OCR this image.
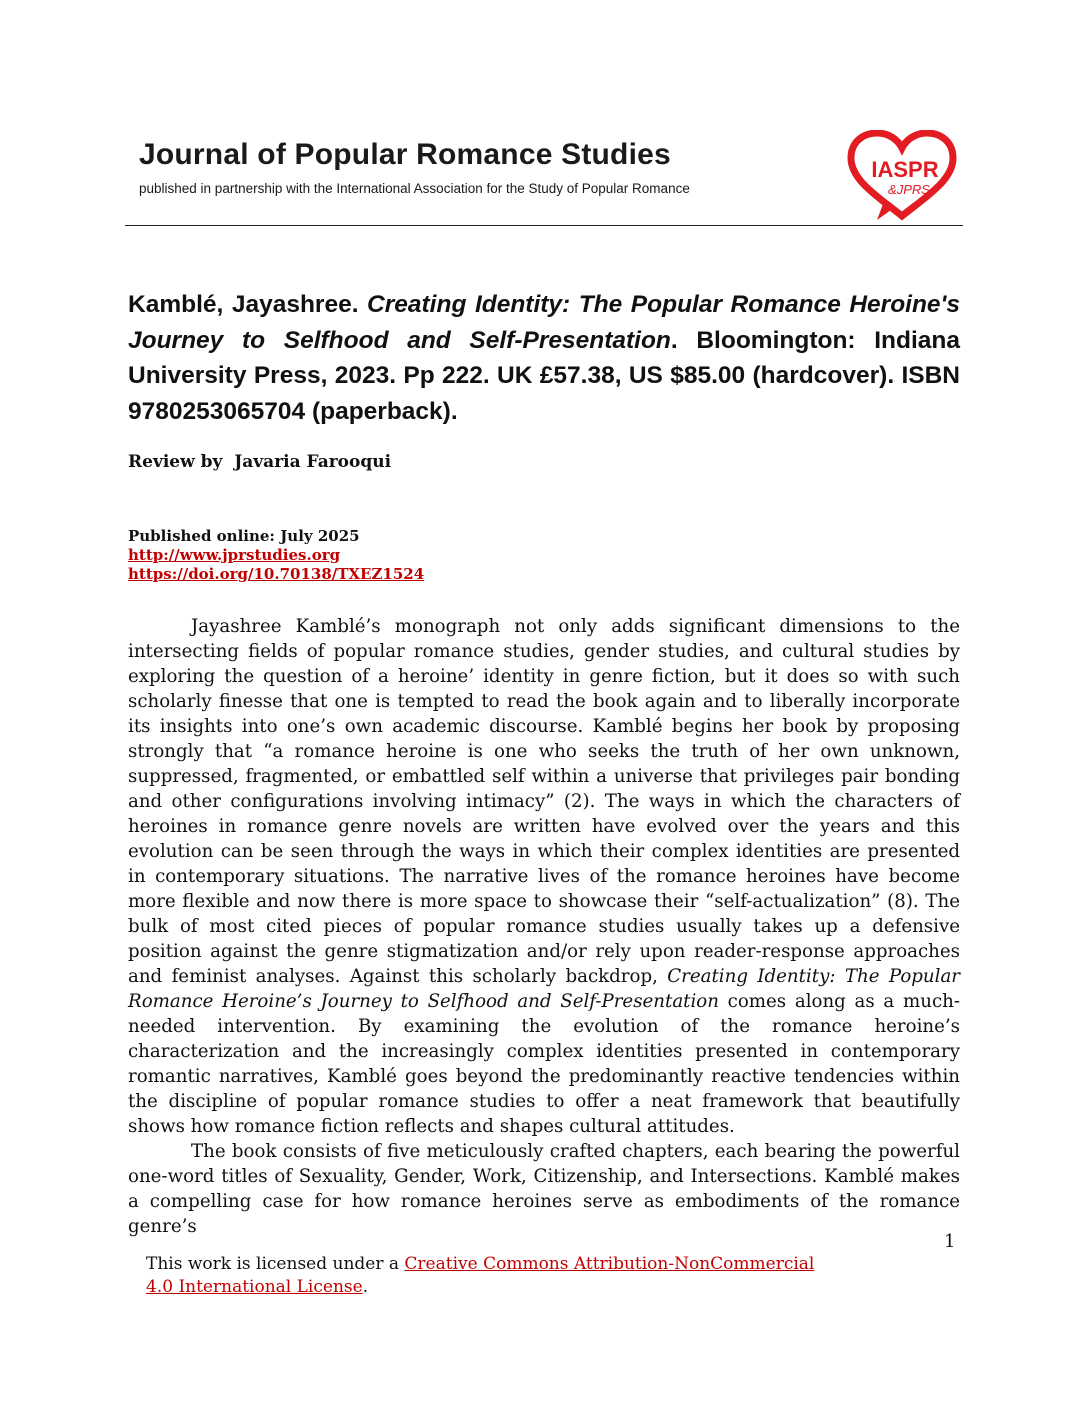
Journal of Popular Romance Studies
published in partnership with the International Association for the Study of Popular Romance
IASPR
&JPRS

Kamblé, Jayashree. Creating Identity: The Popular Romance Heroine's Journey to Selfhood and Self-Presentation. Bloomington: Indiana University Press, 2023. Pp 222. UK £57.38, US $85.00 (hardcover). ISBN 9780253065704 (paperback).

Review by  Javaria Farooqui
Published online: July 2025
http://www.jprstudies.org
https://doi.org/10.70138/TXEZ1524

Jayashree Kamblé’s monograph not only adds significant dimensions to the intersecting fields of popular romance studies, gender studies, and cultural studies by exploring the question of a heroine’ identity in genre fiction, but it does so with such scholarly finesse that one is tempted to read the book again and to liberally incorporate its insights into one’s own academic discourse. Kamblé begins her book by proposing strongly that “a romance heroine is one who seeks the truth of her own unknown, suppressed, fragmented, or embattled self within a universe that privileges pair bonding and other configurations involving intimacy” (2). The ways in which the characters of heroines in romance genre novels are written have evolved over the years and this evolution can be seen through the ways in which their complex identities are presented in contemporary situations. The narrative lives of the romance heroines have become more flexible and now there is more space to showcase their “self-actualization” (8). The bulk of most cited pieces of popular romance studies usually takes up a defensive position against the genre stigmatization and/or rely upon reader-response approaches and feminist analyses. Against this scholarly backdrop, Creating Identity: The Popular Romance Heroine’s Journey to Selfhood and Self-Presentation comes along as a much-needed intervention. By examining the evolution of the romance heroine’s characterization and the increasingly complex identities presented in contemporary romantic narratives, Kamblé goes beyond the predominantly reactive tendencies within the discipline of popular romance studies to offer a neat framework that beautifully shows how romance fiction reflects and shapes cultural attitudes.

The book consists of five meticulously crafted chapters, each bearing the powerful one-word titles of Sexuality, Gender, Work, Citizenship, and Intersections. Kamblé makes a compelling case for how romance heroines serve as embodiments of the romance genre’s

1
This work is licensed under a Creative Commons Attribution-NonCommercial 4.0 International License.
